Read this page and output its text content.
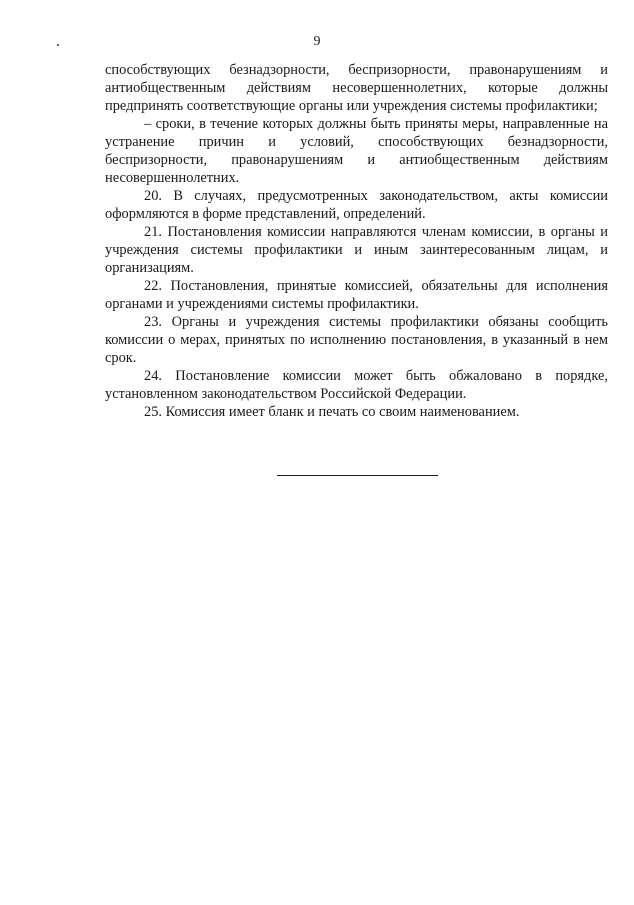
9

способствующих безнадзорности, беспризорности, правонарушениям и антиобщественным действиям несовершеннолетних, которые должны предпринять соответствующие органы или учреждения системы профилактики;

– сроки, в течение которых должны быть приняты меры, направленные на устранение причин и условий, способствующих безнадзорности, беспризорности, правонарушениям и антиобщественным действиям несовершеннолетних.

20. В случаях, предусмотренных законодательством, акты комиссии оформляются в форме представлений, определений.

21. Постановления комиссии направляются членам комиссии, в органы и учреждения системы профилактики и иным заинтересованным лицам, и организациям.

22. Постановления, принятые комиссией, обязательны для исполнения органами и учреждениями системы профилактики.

23. Органы и учреждения системы профилактики обязаны сообщить комиссии о мерах, принятых по исполнению постановления, в указанный в нем срок.

24. Постановление комиссии может быть обжаловано в порядке, установленном законодательством Российской Федерации.

25. Комиссия имеет бланк и печать со своим наименованием.
